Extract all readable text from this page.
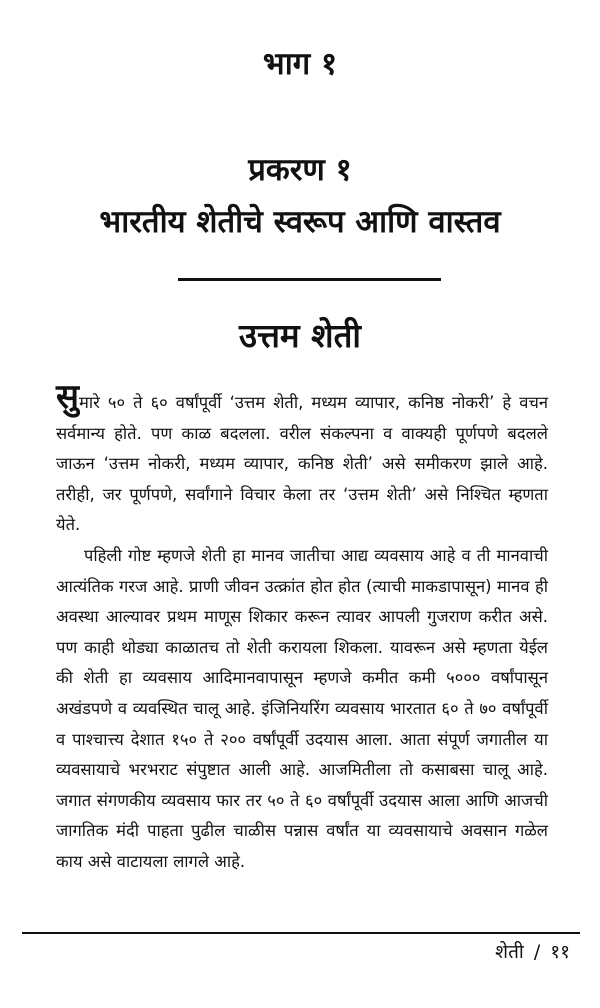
भाग १
प्रकरण १
भारतीय शेतीचे स्वरूप आणि वास्तव
उत्तम शेती

सुमारे ५० ते ६० वर्षांपूर्वी ‘उत्तम शेती, मध्यम व्यापार, कनिष्ठ नोकरी’ हे वचन सर्वमान्य होते. पण काळ बदलला. वरील संकल्पना व वाक्यही पूर्णपणे बदलले जाऊन ‘उत्तम नोकरी, मध्यम व्यापार, कनिष्ठ शेती’ असे समीकरण झाले आहे. तरीही, जर पूर्णपणे, सर्वांगाने विचार केला तर ‘उत्तम शेती’ असे निश्चित म्हणता येते.

पहिली गोष्ट म्हणजे शेती हा मानव जातीचा आद्य व्यवसाय आहे व ती मानवाची आत्यंतिक गरज आहे. प्राणी जीवन उत्क्रांत होत होत (त्याची माकडापासून) मानव ही अवस्था आल्यावर प्रथम माणूस शिकार करून त्यावर आपली गुजराण करीत असे. पण काही थोड्या काळातच तो शेती करायला शिकला. यावरून असे म्हणता येईल की शेती हा व्यवसाय आदिमानवापासून म्हणजे कमीत कमी ५००० वर्षांपासून अखंडपणे व व्यवस्थित चालू आहे. इंजिनियरिंग व्यवसाय भारतात ६० ते ७० वर्षांपूर्वी व पाश्चात्त्य देशात १५० ते २०० वर्षांपूर्वी उदयास आला. आता संपूर्ण जगातील या व्यवसायाचे भरभराट संपुष्टात आली आहे. आजमितीला तो कसाबसा चालू आहे. जगात संगणकीय व्यवसाय फार तर ५० ते ६० वर्षांपूर्वी उदयास आला आणि आजची जागतिक मंदी पाहता पुढील चाळीस पन्नास वर्षांत या व्यवसायाचे अवसान गळेल काय असे वाटायला लागले आहे.

शेती / ११
